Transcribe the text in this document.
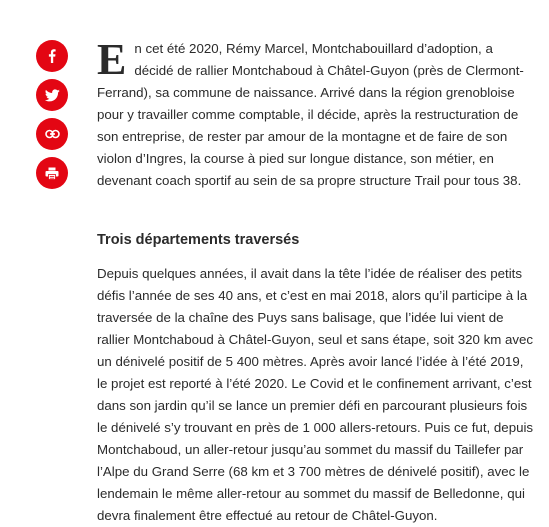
En cet été 2020, Rémy Marcel, Montchabouillard d’adoption, a décidé de rallier Montchaboud à Châtel-Guyon (près de Clermont-Ferrand), sa commune de naissance. Arrivé dans la région grenobloise pour y travailler comme comptable, il décide, après la restructuration de son entreprise, de rester par amour de la montagne et de faire de son violon d’Ingres, la course à pied sur longue distance, son métier, en devenant coach sportif au sein de sa propre structure Trail pour tous 38.

Trois départements traversés

Depuis quelques années, il avait dans la tête l’idée de réaliser des petits défis l’année de ses 40 ans, et c’est en mai 2018, alors qu’il participe à la traversée de la chaîne des Puys sans balisage, que l’idée lui vient de rallier Montchaboud à Châtel-Guyon, seul et sans étape, soit 320 km avec un dénivelé positif de 5 400 mètres. Après avoir lancé l’idée à l’été 2019, le projet est reporté à l’été 2020. Le Covid et le confinement arrivant, c’est dans son jardin qu’il se lance un premier défi en parcourant plusieurs fois le dénivelé s’y trouvant en près de 1 000 allers-retours. Puis ce fut, depuis Montchaboud, un aller-retour jusqu’au sommet du massif du Taillefer par l’Alpe du Grand Serre (68 km et 3 700 mètres de dénivelé positif), avec le lendemain le même aller-retour au sommet du massif de Belledonne, qui devra finalement être effectué au retour de Châtel-Guyon.
